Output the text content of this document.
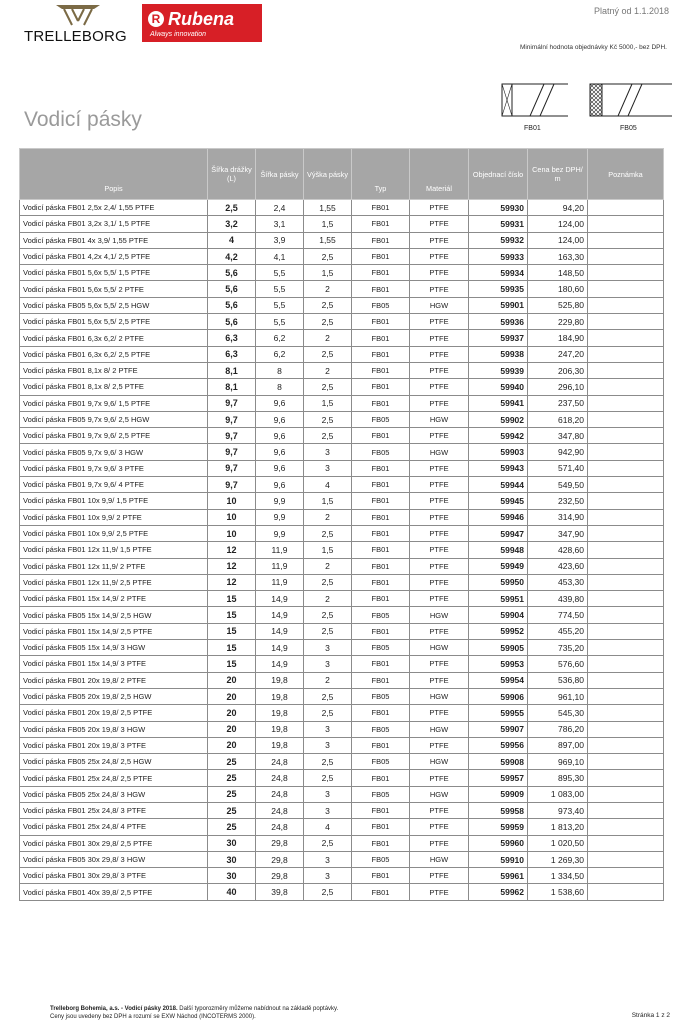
Platný od 1.1.2018
TRELLEBORG
R Rubena
Always innovation
Minimální hodnota objednávky Kč 5000,- bez DPH.
Vodicí pásky	FB01	FB05
Popis	Šířka drážky (L)	Šířka pásky	Výška pásky	Typ	Materiál	Objednací číslo	Cena bez DPH/ m	Poznámka
Vodicí páska FB01 2,5x 2,4/ 1,55 PTFE	2,5	2,4	1,55	FB01	PTFE	59930	94,20	
Vodicí páska FB01 3,2x 3,1/ 1,5 PTFE	3,2	3,1	1,5	FB01	PTFE	59931	124,00	
Vodicí páska FB01 4x 3,9/ 1,55 PTFE	4	3,9	1,55	FB01	PTFE	59932	124,00	
Vodicí páska FB01 4,2x 4,1/ 2,5 PTFE	4,2	4,1	2,5	FB01	PTFE	59933	163,30	
Vodicí páska FB01 5,6x 5,5/ 1,5 PTFE	5,6	5,5	1,5	FB01	PTFE	59934	148,50	
Vodicí páska FB01 5,6x 5,5/ 2 PTFE	5,6	5,5	2	FB01	PTFE	59935	180,60	
Vodicí páska FB05 5,6x 5,5/ 2,5 HGW	5,6	5,5	2,5	FB05	HGW	59901	525,80	
Vodicí páska FB01 5,6x 5,5/ 2,5 PTFE	5,6	5,5	2,5	FB01	PTFE	59936	229,80	
Vodicí páska FB01 6,3x 6,2/ 2 PTFE	6,3	6,2	2	FB01	PTFE	59937	184,90	
Vodicí páska FB01 6,3x 6,2/ 2,5 PTFE	6,3	6,2	2,5	FB01	PTFE	59938	247,20	
Vodicí páska FB01 8,1x 8/ 2 PTFE	8,1	8	2	FB01	PTFE	59939	206,30	
Vodicí páska FB01 8,1x 8/ 2,5 PTFE	8,1	8	2,5	FB01	PTFE	59940	296,10	
Vodicí páska FB01 9,7x 9,6/ 1,5 PTFE	9,7	9,6	1,5	FB01	PTFE	59941	237,50	
Vodicí páska FB05 9,7x 9,6/ 2,5 HGW	9,7	9,6	2,5	FB05	HGW	59902	618,20	
Vodicí páska FB01 9,7x 9,6/ 2,5 PTFE	9,7	9,6	2,5	FB01	PTFE	59942	347,80	
Vodicí páska FB05 9,7x 9,6/ 3 HGW	9,7	9,6	3	FB05	HGW	59903	942,90	
Vodicí páska FB01 9,7x 9,6/ 3 PTFE	9,7	9,6	3	FB01	PTFE	59943	571,40	
Vodicí páska FB01 9,7x 9,6/ 4 PTFE	9,7	9,6	4	FB01	PTFE	59944	549,50	
Vodicí páska FB01 10x 9,9/ 1,5 PTFE	10	9,9	1,5	FB01	PTFE	59945	232,50	
Vodicí páska FB01 10x 9,9/ 2 PTFE	10	9,9	2	FB01	PTFE	59946	314,90	
Vodicí páska FB01 10x 9,9/ 2,5 PTFE	10	9,9	2,5	FB01	PTFE	59947	347,90	
Vodicí páska FB01 12x 11,9/ 1,5 PTFE	12	11,9	1,5	FB01	PTFE	59948	428,60	
Vodicí páska FB01 12x 11,9/ 2 PTFE	12	11,9	2	FB01	PTFE	59949	423,60	
Vodicí páska FB01 12x 11,9/ 2,5 PTFE	12	11,9	2,5	FB01	PTFE	59950	453,30	
Vodicí páska FB01 15x 14,9/ 2 PTFE	15	14,9	2	FB01	PTFE	59951	439,80	
Vodicí páska FB05 15x 14,9/ 2,5 HGW	15	14,9	2,5	FB05	HGW	59904	774,50	
Vodicí páska FB01 15x 14,9/ 2,5 PTFE	15	14,9	2,5	FB01	PTFE	59952	455,20	
Vodicí páska FB05 15x 14,9/ 3 HGW	15	14,9	3	FB05	HGW	59905	735,20	
Vodicí páska FB01 15x 14,9/ 3 PTFE	15	14,9	3	FB01	PTFE	59953	576,60	
Vodicí páska FB01 20x 19,8/ 2 PTFE	20	19,8	2	FB01	PTFE	59954	536,80	
Vodicí páska FB05 20x 19,8/ 2,5 HGW	20	19,8	2,5	FB05	HGW	59906	961,10	
Vodicí páska FB01 20x 19,8/ 2,5 PTFE	20	19,8	2,5	FB01	PTFE	59955	545,30	
Vodicí páska FB05 20x 19,8/ 3 HGW	20	19,8	3	FB05	HGW	59907	786,20	
Vodicí páska FB01 20x 19,8/ 3 PTFE	20	19,8	3	FB01	PTFE	59956	897,00	
Vodicí páska FB05 25x 24,8/ 2,5 HGW	25	24,8	2,5	FB05	HGW	59908	969,10	
Vodicí páska FB01 25x 24,8/ 2,5 PTFE	25	24,8	2,5	FB01	PTFE	59957	895,30	
Vodicí páska FB05 25x 24,8/ 3 HGW	25	24,8	3	FB05	HGW	59909	1 083,00	
Vodicí páska FB01 25x 24,8/ 3 PTFE	25	24,8	3	FB01	PTFE	59958	973,40	
Vodicí páska FB01 25x 24,8/ 4 PTFE	25	24,8	4	FB01	PTFE	59959	1 813,20	
Vodicí páska FB01 30x 29,8/ 2,5 PTFE	30	29,8	2,5	FB01	PTFE	59960	1 020,50	
Vodicí páska FB05 30x 29,8/ 3 HGW	30	29,8	3	FB05	HGW	59910	1 269,30	
Vodicí páska FB01 30x 29,8/ 3 PTFE	30	29,8	3	FB01	PTFE	59961	1 334,50	
Vodicí páska FB01 40x 39,8/ 2,5 PTFE	40	39,8	2,5	FB01	PTFE	59962	1 538,60	
Trelleborg Bohemia, a.s. - Vodicí pásky 2018. Další typorozměry můžeme nabídnout na základě poptávky.
Ceny jsou uvedeny bez DPH a rozumí se EXW Náchod (INCOTERMS 2000).	Stránka 1 z 2
